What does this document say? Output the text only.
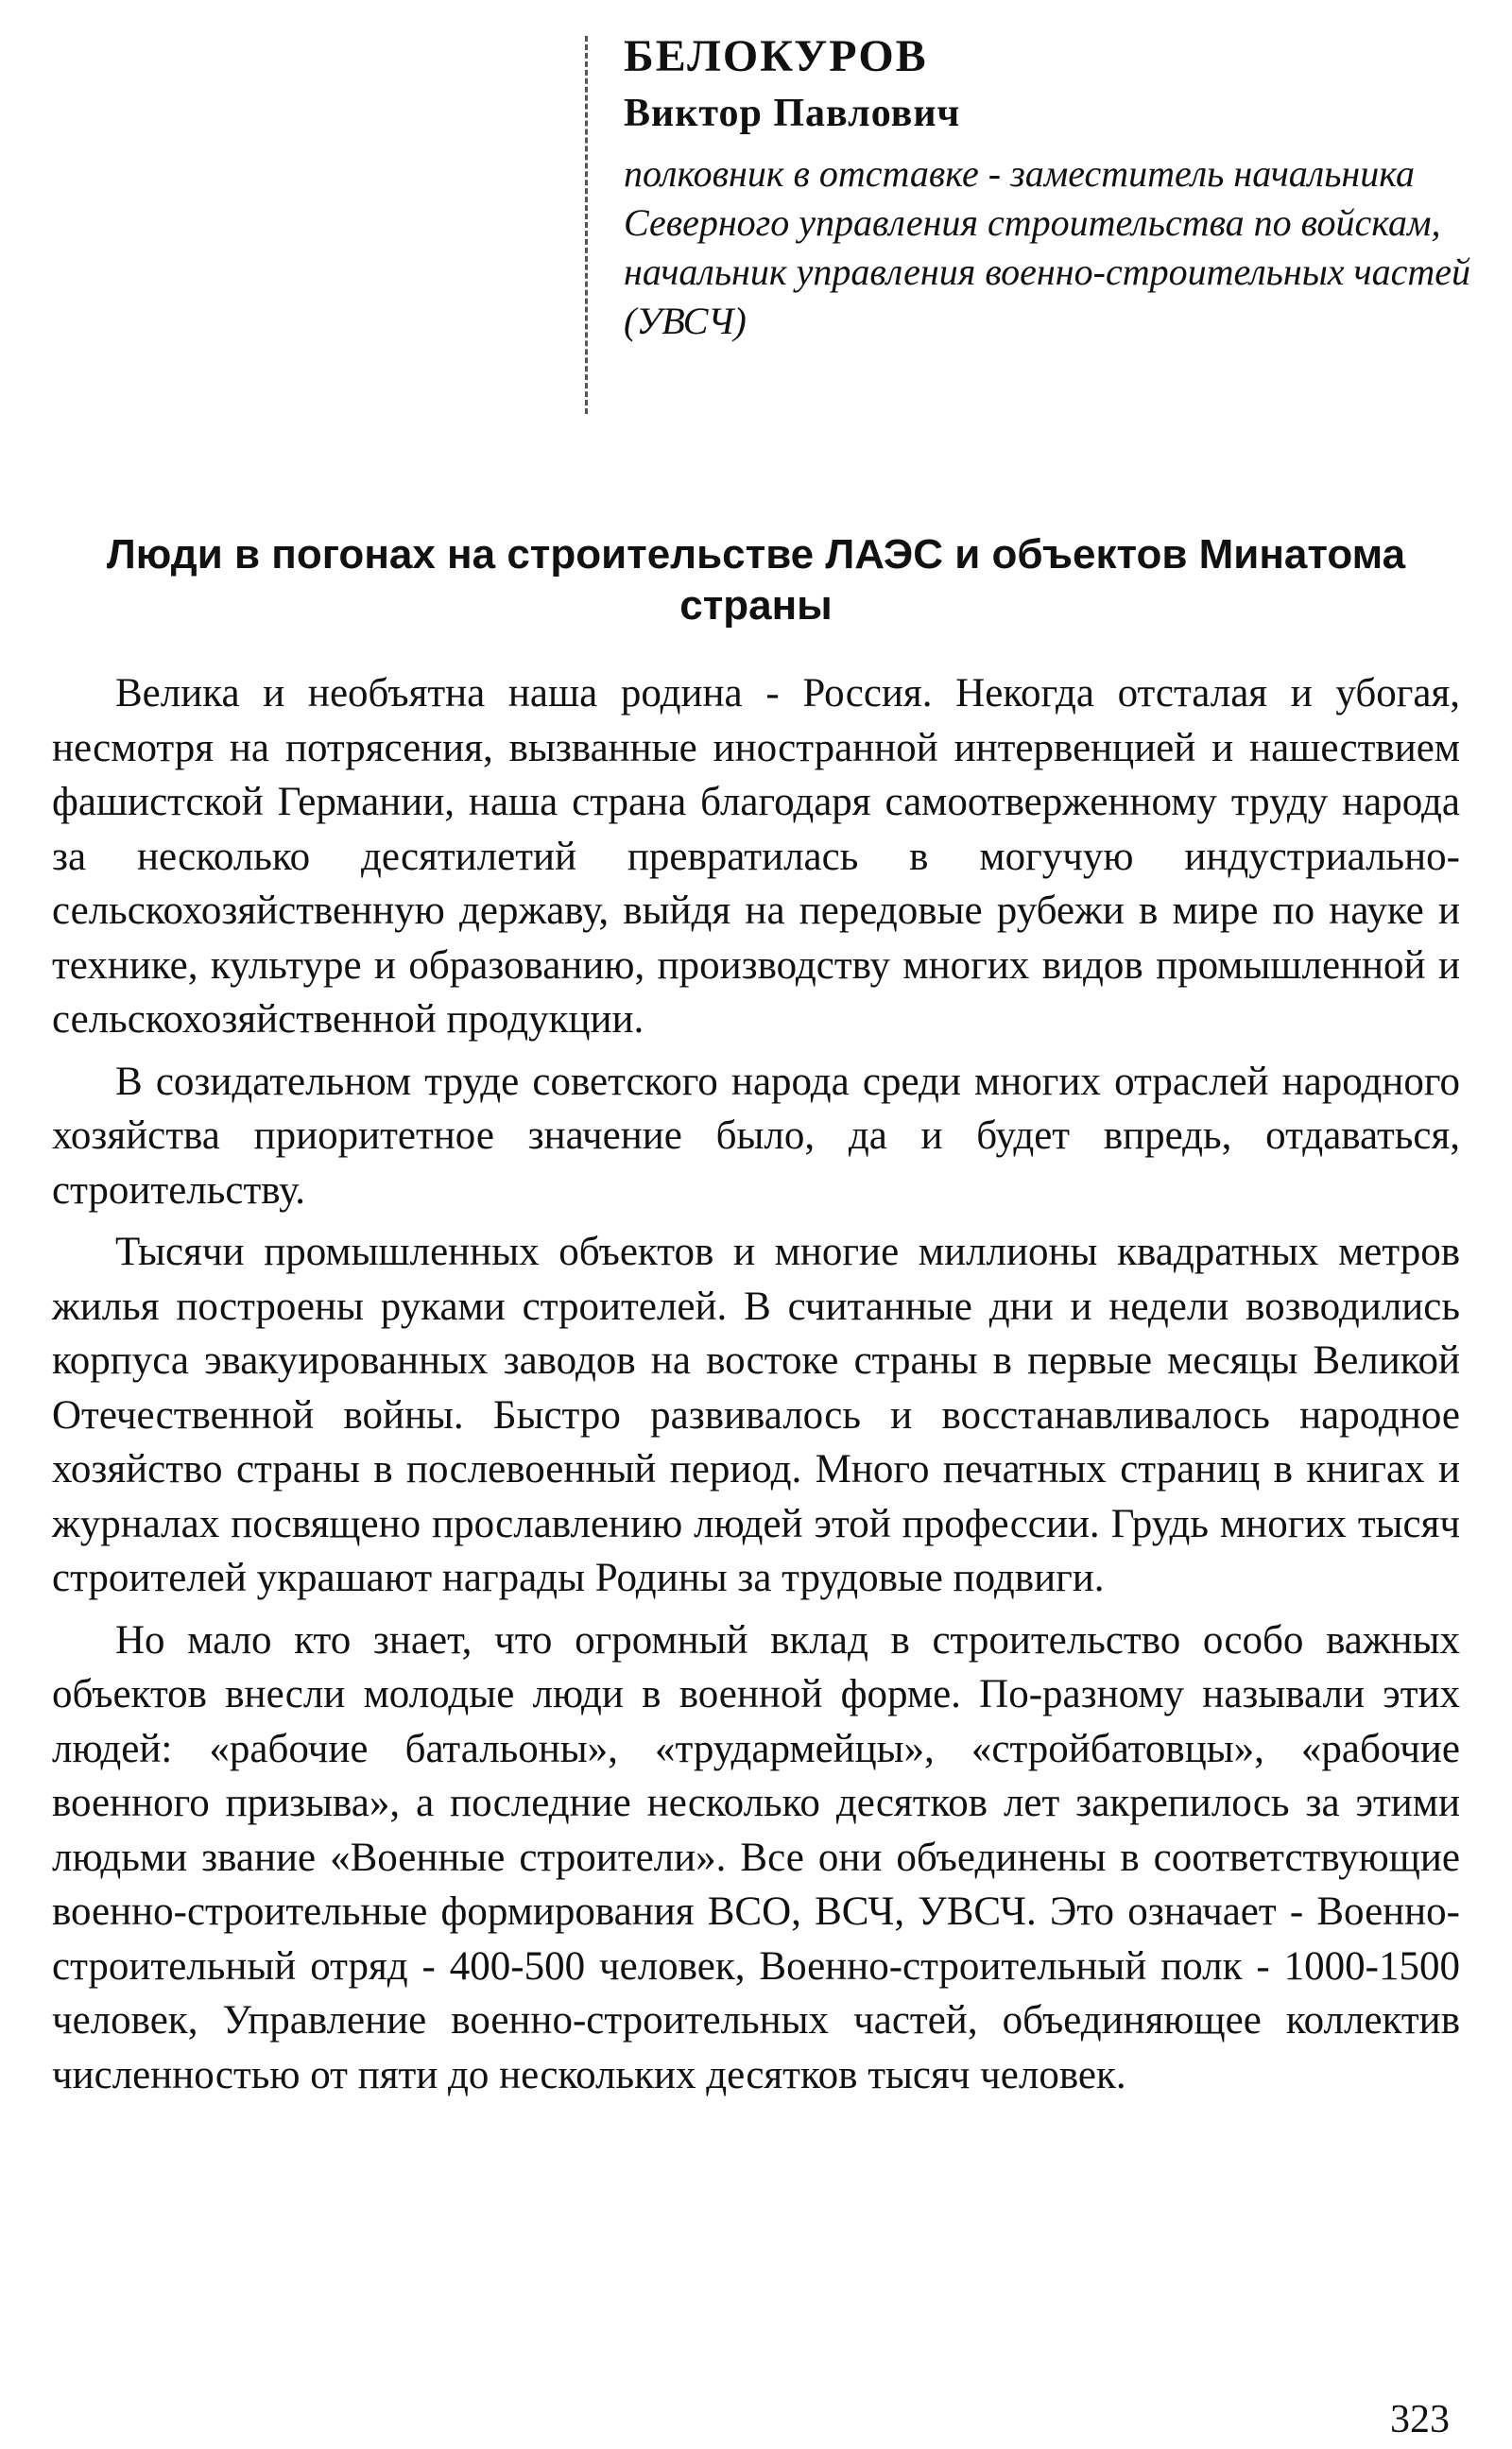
БЕЛОКУРОВ

Виктор Павлович

полковник в отставке - заместитель начальника Северного управления строительства по войскам, начальник управления военно-строительных частей (УВСЧ)

Люди в погонах на строительстве ЛАЭС и объектов Минатома страны

Велика и необъятна наша родина - Россия. Некогда отсталая и убогая, несмотря на потрясения, вызванные иностранной интервенцией и нашествием фашистской Германии, наша страна благодаря самоотверженному труду народа за несколько десятилетий превратилась в могучую индустриально-сельскохозяйственную державу, выйдя на передовые рубежи в мире по науке и технике, культуре и образованию, производству многих видов промышленной и сельскохозяйственной продукции.

В созидательном труде советского народа среди многих отраслей народного хозяйства приоритетное значение было, да и будет впредь, отдаваться, строительству.

Тысячи промышленных объектов и многие миллионы квадратных метров жилья построены руками строителей. В считанные дни и недели возводились корпуса эвакуированных заводов на востоке страны в первые месяцы Великой Отечественной войны. Быстро развивалось и восстанавливалось народное хозяйство страны в послевоенный период. Много печатных страниц в книгах и журналах посвящено прославлению людей этой профессии. Грудь многих тысяч строителей украшают награды Родины за трудовые подвиги.

Но мало кто знает, что огромный вклад в строительство особо важных объектов внесли молодые люди в военной форме. По-разному называли этих людей: «рабочие батальоны», «трудармейцы», «стройбатовцы», «рабочие военного призыва», а последние несколько десятков лет закрепилось за этими людьми звание «Военные строители». Все они объединены в соответствующие военно-строительные формирования ВСО, ВСЧ, УВСЧ. Это означает - Военно-строительный отряд - 400-500 человек, Военно-строительный полк - 1000-1500 человек, Управление военно-строительных частей, объединяющее коллектив численностью от пяти до нескольких десятков тысяч человек.

323
